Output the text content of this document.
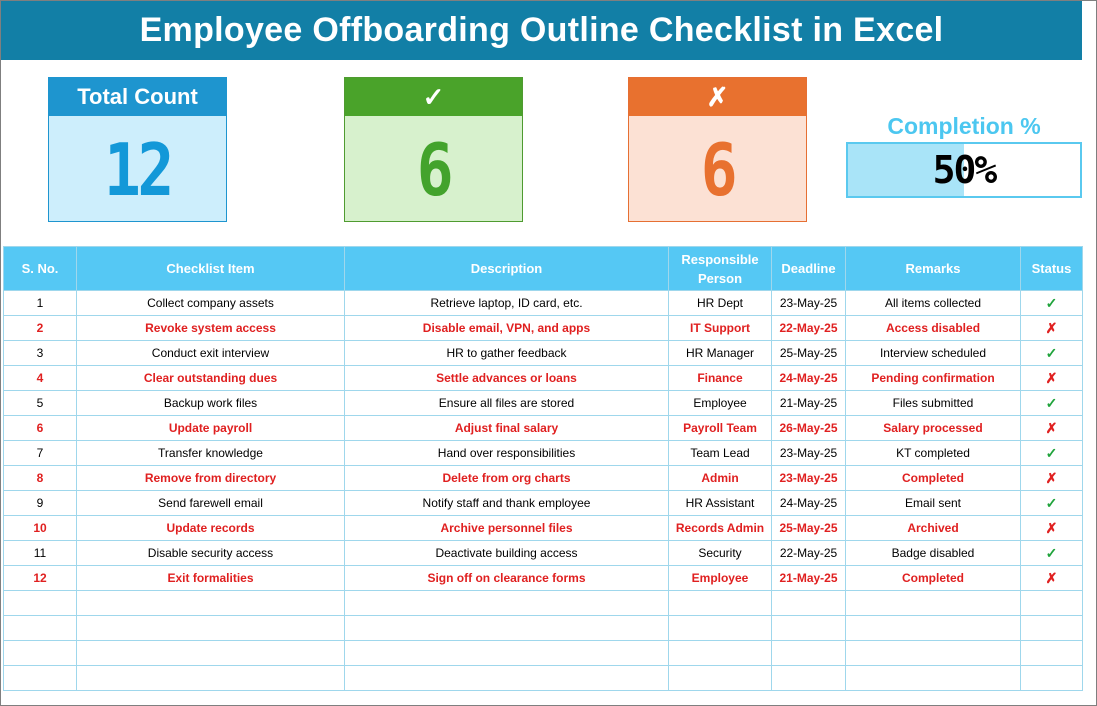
Employee Offboarding Outline Checklist in Excel
Total Count
12
✓
6
✗
6
Completion %
50%
S. No.	Checklist Item	Description	Responsible Person	Deadline	Remarks	Status
1	Collect company assets	Retrieve laptop, ID card, etc.	HR Dept	23-May-25	All items collected	✓
2	Revoke system access	Disable email, VPN, and apps	IT Support	22-May-25	Access disabled	✗
3	Conduct exit interview	HR to gather feedback	HR Manager	25-May-25	Interview scheduled	✓
4	Clear outstanding dues	Settle advances or loans	Finance	24-May-25	Pending confirmation	✗
5	Backup work files	Ensure all files are stored	Employee	21-May-25	Files submitted	✓
6	Update payroll	Adjust final salary	Payroll Team	26-May-25	Salary processed	✗
7	Transfer knowledge	Hand over responsibilities	Team Lead	23-May-25	KT completed	✓
8	Remove from directory	Delete from org charts	Admin	23-May-25	Completed	✗
9	Send farewell email	Notify staff and thank employee	HR Assistant	24-May-25	Email sent	✓
10	Update records	Archive personnel files	Records Admin	25-May-25	Archived	✗
11	Disable security access	Deactivate building access	Security	22-May-25	Badge disabled	✓
12	Exit formalities	Sign off on clearance forms	Employee	21-May-25	Completed	✗
